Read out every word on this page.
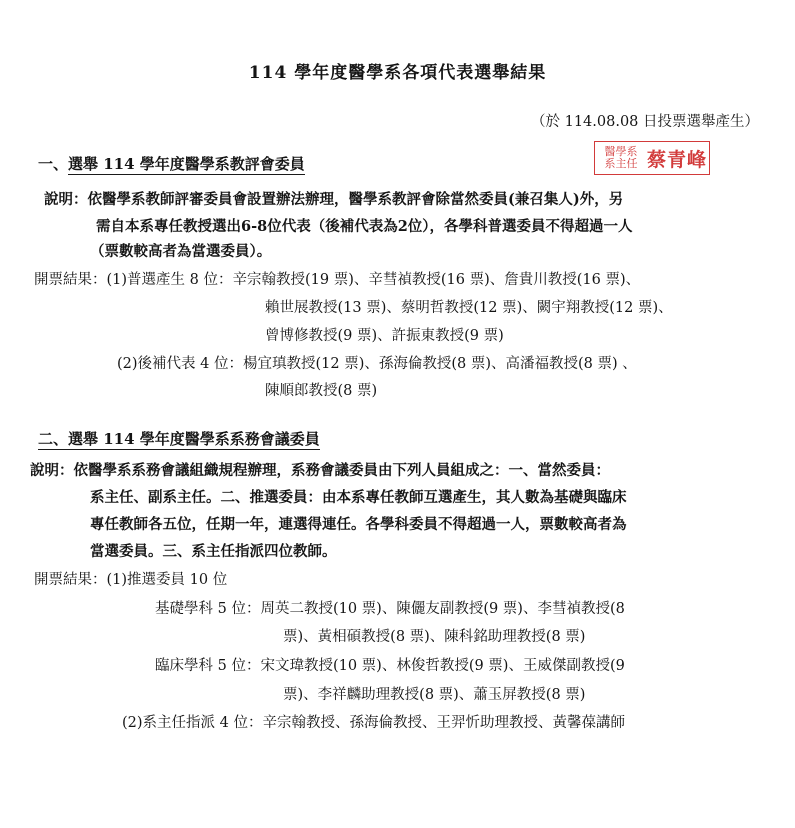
114 學年度醫學系各項代表選舉結果
（於 114.08.08 日投票選舉產生）
醫學系
系主任 蔡青峰
一、選舉 114 學年度醫學系教評會委員
說明：依醫學系教師評審委員會設置辦法辦理，醫學系教評會除當然委員(兼召集人)外，另
需自本系專任教授選出6-8位代表（後補代表為2位），各學科普選委員不得超過一人
（票數較高者為當選委員）。
開票結果：(1)普選產生 8 位：辛宗翰教授(19 票)、辛彗禎教授(16 票)、詹貴川教授(16 票)、
賴世展教授(13 票)、蔡明哲教授(12 票)、闕宇翔教授(12 票)、
曾博修教授(9 票)、許振東教授(9 票)
(2)後補代表 4 位：楊宜瑱教授(12 票)、孫海倫教授(8 票)、高潘福教授(8 票) 、
陳順郎教授(8 票)
二、選舉 114 學年度醫學系系務會議委員
說明：依醫學系系務會議組織規程辦理，系務會議委員由下列人員組成之：一、當然委員：
系主任、副系主任。二、推選委員：由本系專任教師互選產生，其人數為基礎與臨床
專任教師各五位，任期一年，連選得連任。各學科委員不得超過一人，票數較高者為
當選委員。三、系主任指派四位教師。
開票結果：(1)推選委員 10 位
基礎學科 5 位：周英二教授(10 票)、陳儷友副教授(9 票)、李彗禎教授(8
票)、黃相碩教授(8 票)、陳科銘助理教授(8 票)
臨床學科 5 位：宋文瑋教授(10 票)、林俊哲教授(9 票)、王威傑副教授(9
票)、李祥麟助理教授(8 票)、蕭玉屏教授(8 票)
(2)系主任指派 4 位：辛宗翰教授、孫海倫教授、王羿忻助理教授、黃馨葆講師
